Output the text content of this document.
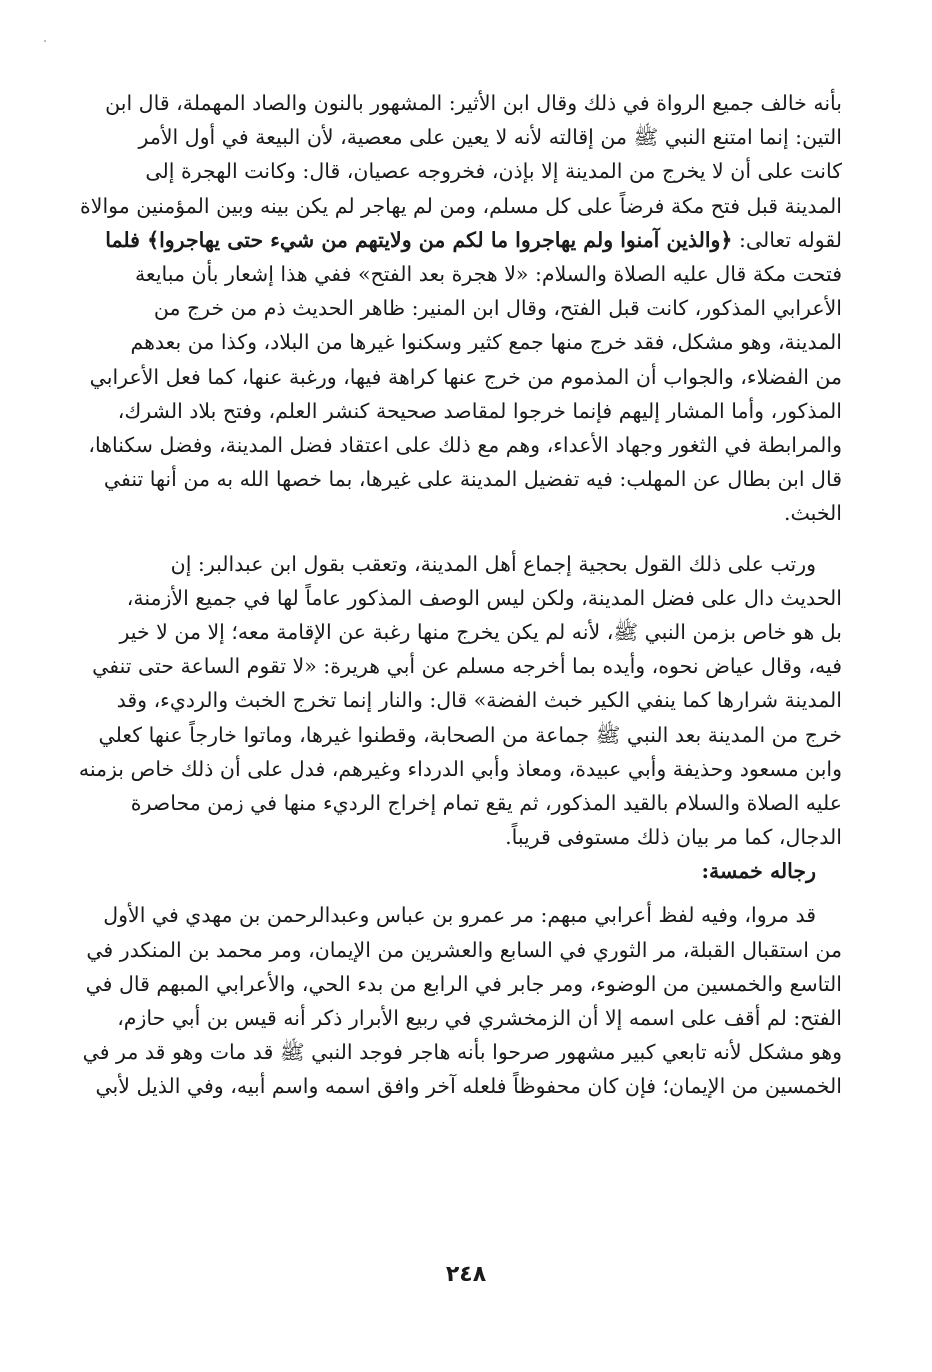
بأنه خالف جميع الرواة في ذلك وقال ابن الأثير: المشهور بالنون والصاد المهملة، قال ابن

التين: إنما امتنع النبي ﷺ من إقالته لأنه لا يعين على معصية، لأن البيعة في أول الأمر

كانت على أن لا يخرج من المدينة إلا بإذن، فخروجه عصيان، قال: وكانت الهجرة إلى

المدينة قبل فتح مكة فرضاً على كل مسلم، ومن لم يهاجر لم يكن بينه وبين المؤمنين موالاة

لقوله تعالى: ﴿والذين آمنوا ولم يهاجروا ما لكم من ولايتهم من شيء حتى يهاجروا﴾ فلما

فتحت مكة قال عليه الصلاة والسلام: «لا هجرة بعد الفتح» ففي هذا إشعار بأن مبايعة

الأعرابي المذكور، كانت قبل الفتح، وقال ابن المنير: ظاهر الحديث ذم من خرج من

المدينة، وهو مشكل، فقد خرج منها جمع كثير وسكنوا غيرها من البلاد، وكذا من بعدهم

من الفضلاء، والجواب أن المذموم من خرج عنها كراهة فيها، ورغبة عنها، كما فعل الأعرابي

المذكور، وأما المشار إليهم فإنما خرجوا لمقاصد صحيحة كنشر العلم، وفتح بلاد الشرك،

والمرابطة في الثغور وجهاد الأعداء، وهم مع ذلك على اعتقاد فضل المدينة، وفضل سكناها،

قال ابن بطال عن المهلب: فيه تفضيل المدينة على غيرها، بما خصها الله به من أنها تنفي

الخبث.

ورتب على ذلك القول بحجية إجماع أهل المدينة، وتعقب بقول ابن عبدالبر: إن

الحديث دال على فضل المدينة، ولكن ليس الوصف المذكور عاماً لها في جميع الأزمنة،

بل هو خاص بزمن النبي ﷺ، لأنه لم يكن يخرج منها رغبة عن الإقامة معه؛ إلا من لا خير

فيه، وقال عياض نحوه، وأيده بما أخرجه مسلم عن أبي هريرة: «لا تقوم الساعة حتى تنفي

المدينة شرارها كما ينفي الكير خبث الفضة» قال: والنار إنما تخرج الخبث والرديء، وقد

خرج من المدينة بعد النبي ﷺ جماعة من الصحابة، وقطنوا غيرها، وماتوا خارجاً عنها كعلي

وابن مسعود وحذيفة وأبي عبيدة، ومعاذ وأبي الدرداء وغيرهم، فدل على أن ذلك خاص بزمنه

عليه الصلاة والسلام بالقيد المذكور، ثم يقع تمام إخراج الرديء منها في زمن محاصرة

الدجال، كما مر بيان ذلك مستوفى قريباً.

رجاله خمسة:

قد مروا، وفيه لفظ أعرابي مبهم: مر عمرو بن عباس وعبدالرحمن بن مهدي في الأول

من استقبال القبلة، مر الثوري في السابع والعشرين من الإيمان، ومر محمد بن المنكدر في

التاسع والخمسين من الوضوء، ومر جابر في الرابع من بدء الحي، والأعرابي المبهم قال في

الفتح: لم أقف على اسمه إلا أن الزمخشري في ربيع الأبرار ذكر أنه قيس بن أبي حازم،

وهو مشكل لأنه تابعي كبير مشهور صرحوا بأنه هاجر فوجد النبي ﷺ قد مات وهو قد مر في

الخمسين من الإيمان؛ فإن كان محفوظاً فلعله آخر وافق اسمه واسم أبيه، وفي الذيل لأبي

٢٤٨
